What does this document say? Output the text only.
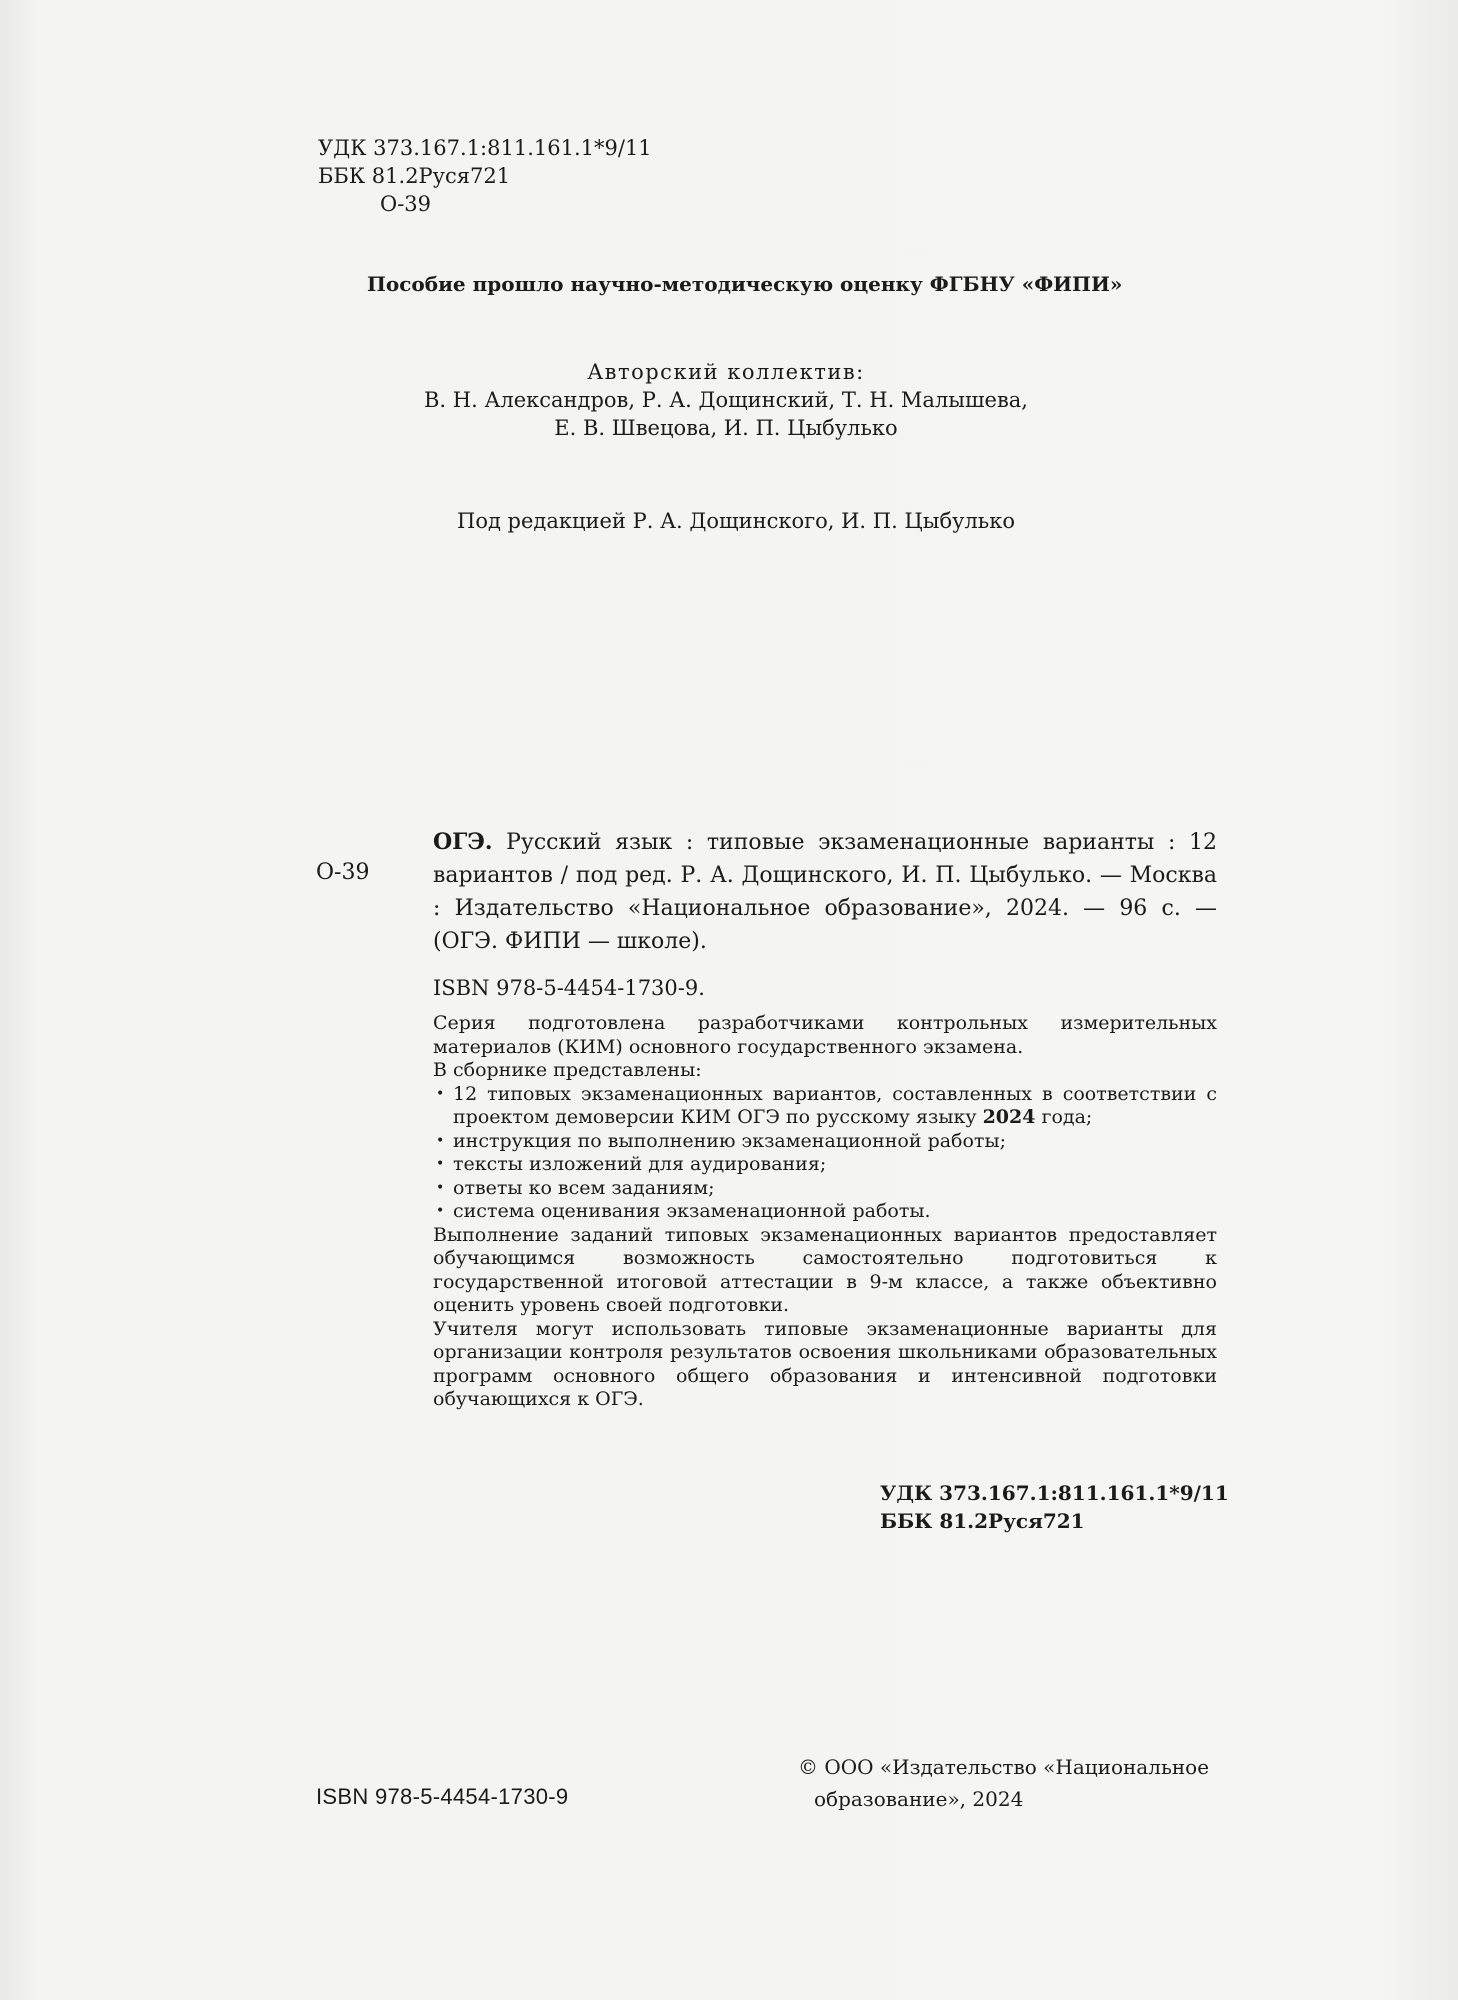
УДК 373.167.1:811.161.1*9/11
ББК 81.2Руся721
О-39
Пособие прошло научно-методическую оценку ФГБНУ «ФИПИ»
Авторский коллектив:
В. Н. Александров, Р. А. Дощинский, Т. Н. Малышева,
Е. В. Швецова, И. П. Цыбулько
Под редакцией Р. А. Дощинского, И. П. Цыбулько
О-39
ОГЭ. Русский язык : типовые экзаменационные варианты : 12 вариантов / под ред. Р. А. Дощинского, И. П. Цыбулько. — Москва : Издательство «Национальное образование», 2024. — 96 с. — (ОГЭ. ФИПИ — школе).
ISBN 978-5-4454-1730-9.

Серия подготовлена разработчиками контрольных измерительных материалов (КИМ) основного государственного экзамена.

В сборнике представлены:

• 12 типовых экзаменационных вариантов, составленных в соответствии с проектом демоверсии КИМ ОГЭ по русскому языку 2024 года;
• инструкция по выполнению экзаменационной работы;
• тексты изложений для аудирования;
• ответы ко всем заданиям;
• система оценивания экзаменационной работы.

Выполнение заданий типовых экзаменационных вариантов предоставляет обучающимся возможность самостоятельно подготовиться к государственной итоговой аттестации в 9-м классе, а также объективно оценить уровень своей подготовки.

Учителя могут использовать типовые экзаменационные варианты для организации контроля результатов освоения школьниками образовательных программ основного общего образования и интенсивной подготовки обучающихся к ОГЭ.

УДК 373.167.1:811.161.1*9/11
ББК 81.2Руся721
ISBN 978-5-4454-1730-9
© ООО «Издательство «Национальное
образование», 2024
